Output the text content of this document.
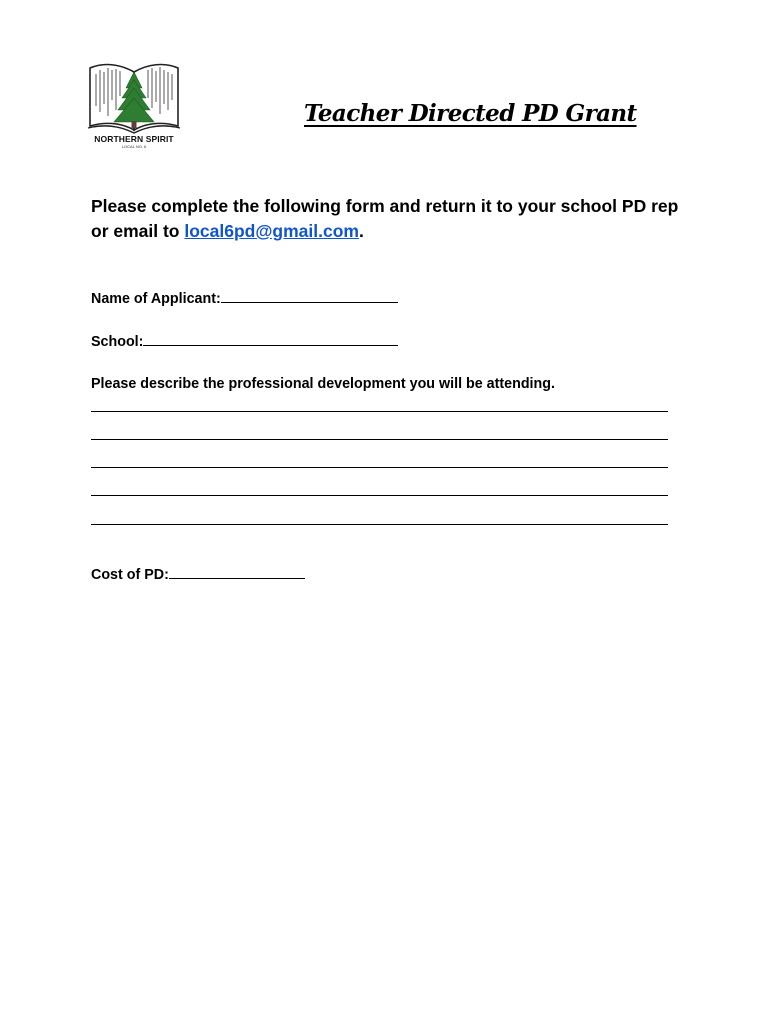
NORTHERN SPIRIT
LOCAL NO. 6
Teacher Directed PD Grant
Please complete the following form and return it to your school PD rep or email to local6pd@gmail.com.
Name of Applicant:
School:
Please describe the professional development you will be attending.
Cost of PD:
